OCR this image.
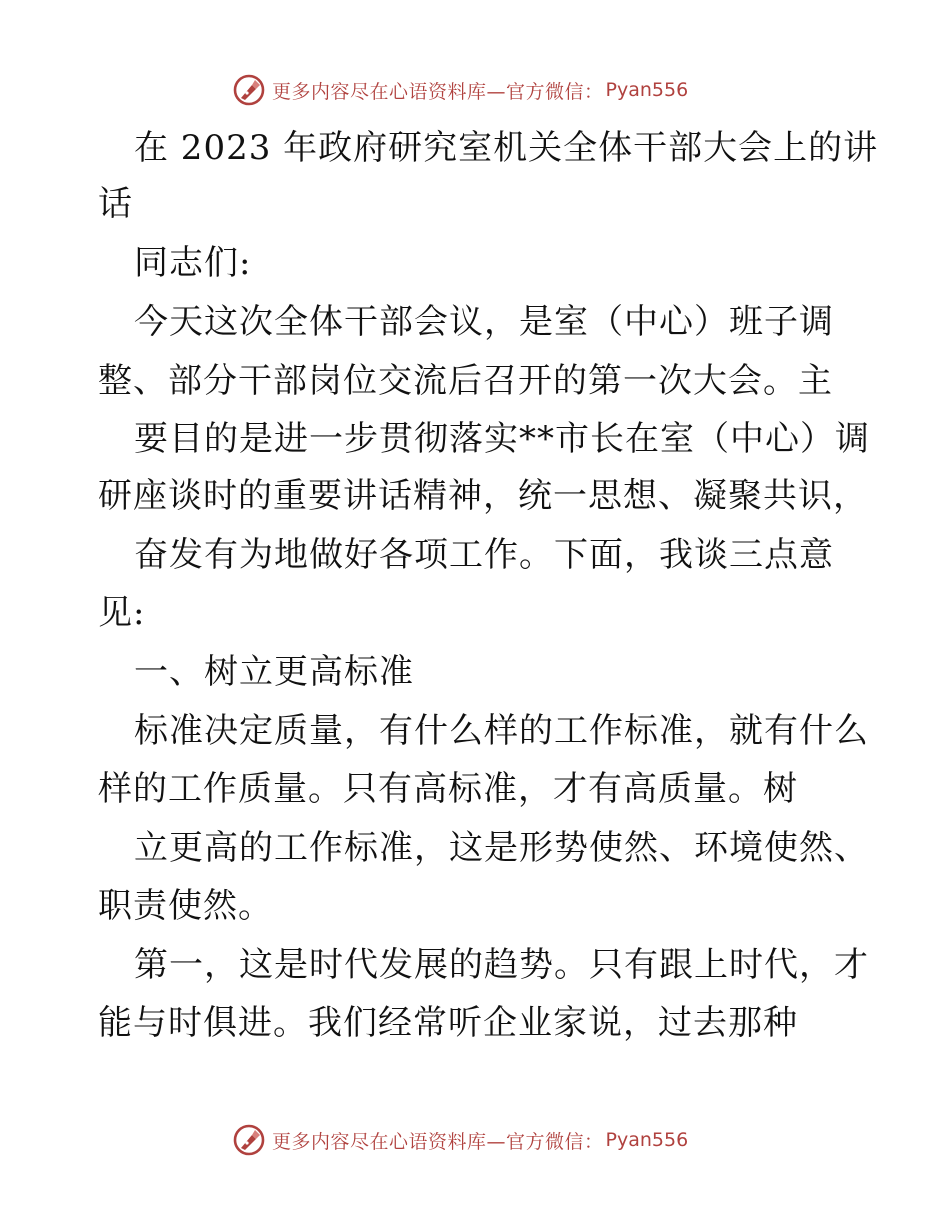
更多内容尽在心语资料库—官方微信： Pyan556
在 2023 年政府研究室机关全体干部大会上的讲
话
同志们:
今天这次全体干部会议，是室（中心）班子调
整、部分干部岗位交流后召开的第一次大会。主
要目的是进一步贯彻落实**市长在室（中心）调
研座谈时的重要讲话精神，统一思想、凝聚共识，
奋发有为地做好各项工作。下面，我谈三点意
见:
一、树立更高标准
标准决定质量，有什么样的工作标准，就有什么
样的工作质量。只有高标准，才有高质量。树
立更高的工作标准，这是形势使然、环境使然、
职责使然。
第一，这是时代发展的趋势。只有跟上时代，才
能与时俱进。我们经常听企业家说，过去那种
更多内容尽在心语资料库—官方微信： Pyan556
